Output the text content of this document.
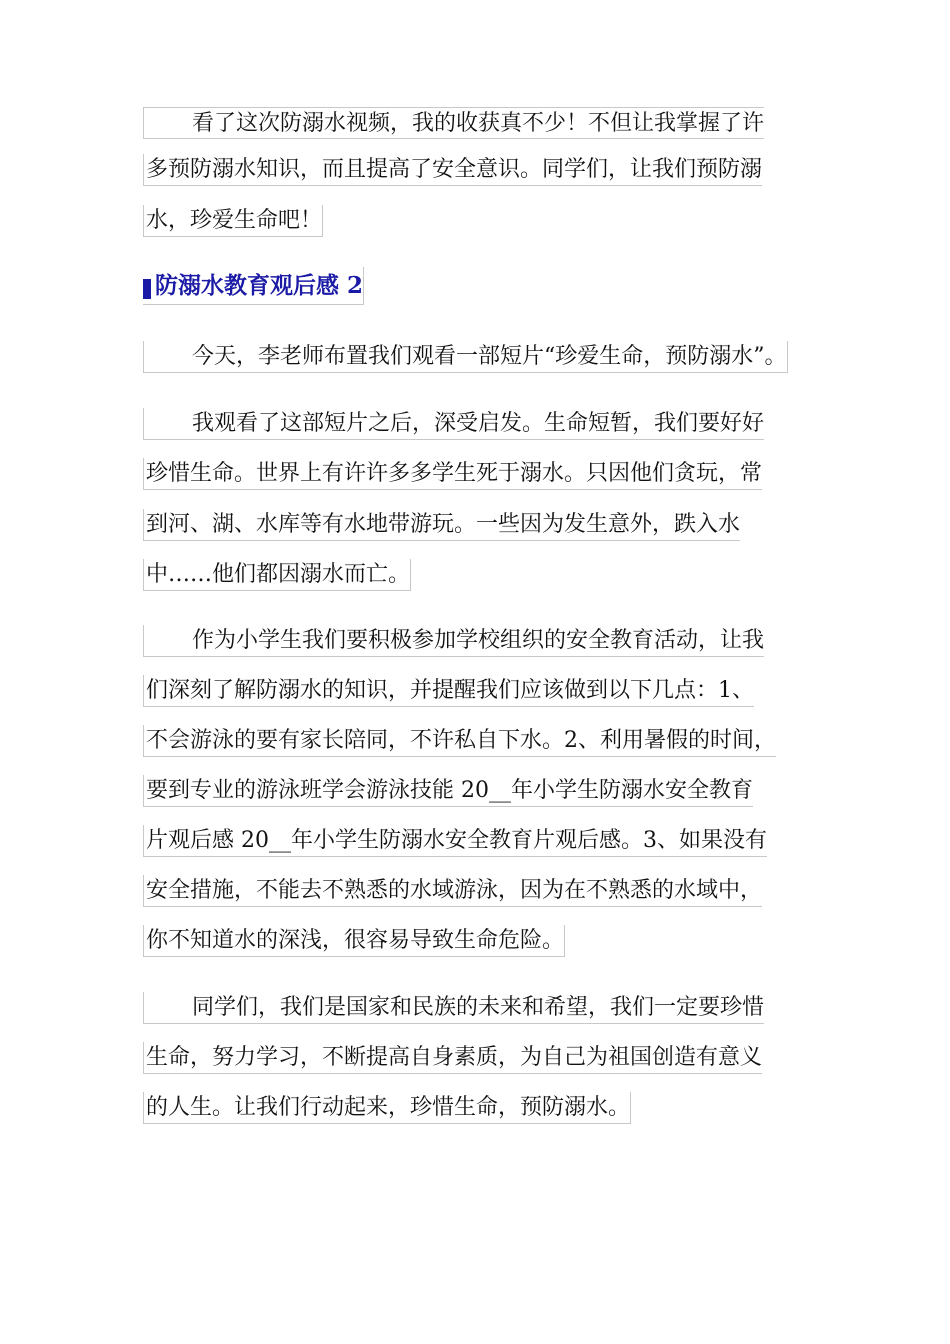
看了这次防溺水视频，我的收获真不少！不但让我掌握了许
多预防溺水知识，而且提高了安全意识。同学们，让我们预防溺
水，珍爱生命吧！
防溺水教育观后感 2
今天，李老师布置我们观看一部短片“珍爱生命，预防溺水”。
我观看了这部短片之后，深受启发。生命短暂，我们要好好
珍惜生命。世界上有许许多多学生死于溺水。只因他们贪玩，常
到河、湖、水库等有水地带游玩。一些因为发生意外，跌入水
中……他们都因溺水而亡。
作为小学生我们要积极参加学校组织的安全教育活动，让我
们深刻了解防溺水的知识，并提醒我们应该做到以下几点：1、
不会游泳的要有家长陪同，不许私自下水。2、利用暑假的时间，
要到专业的游泳班学会游泳技能 20__年小学生防溺水安全教育
片观后感 20__年小学生防溺水安全教育片观后感。3、如果没有
安全措施，不能去不熟悉的水域游泳，因为在不熟悉的水域中，
你不知道水的深浅，很容易导致生命危险。
同学们，我们是国家和民族的未来和希望，我们一定要珍惜
生命，努力学习，不断提高自身素质，为自己为祖国创造有意义
的人生。让我们行动起来，珍惜生命，预防溺水。
